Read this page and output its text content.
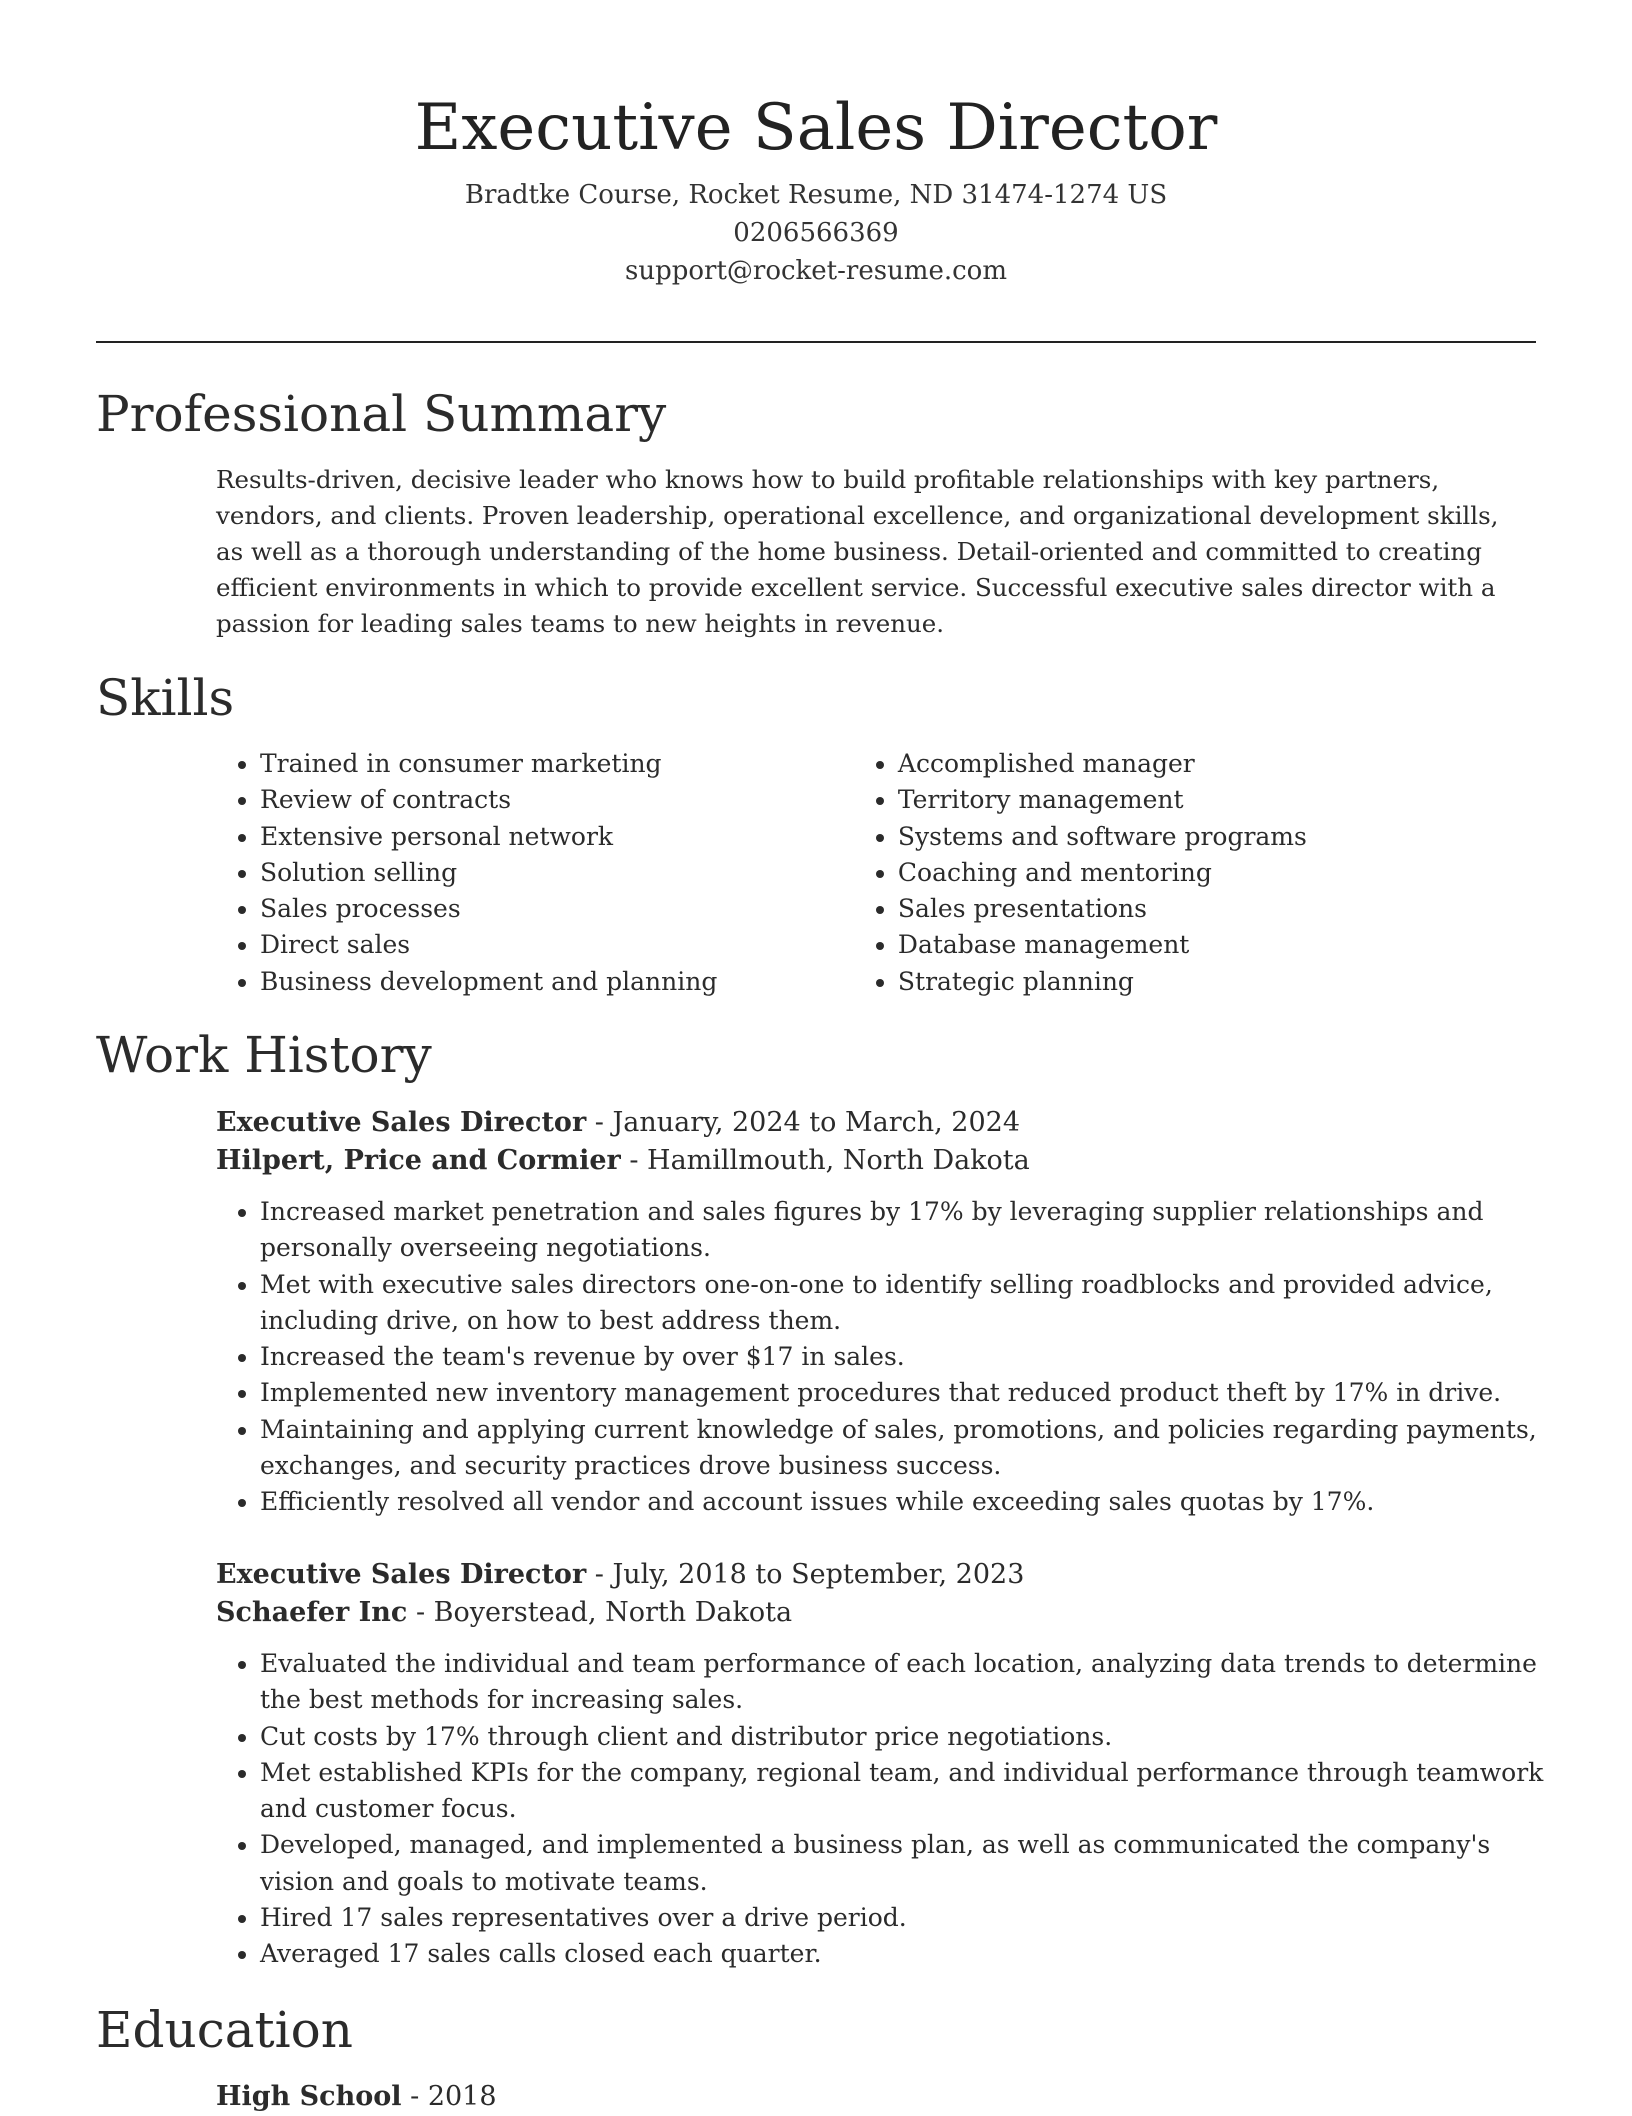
Executive Sales Director
Bradtke Course, Rocket Resume, ND 31474-1274 US
0206566369
support@rocket-resume.com
Professional Summary

Results-driven, decisive leader who knows how to build profitable relationships with key partners, vendors, and clients. Proven leadership, operational excellence, and organizational development skills, as well as a thorough understanding of the home business. Detail-oriented and committed to creating efficient environments in which to provide excellent service. Successful executive sales director with a passion for leading sales teams to new heights in revenue.

Skills
• Trained in consumer marketing
• Review of contracts
• Extensive personal network
• Solution selling
• Sales processes
• Direct sales
• Business development and planning
• Accomplished manager
• Territory management
• Systems and software programs
• Coaching and mentoring
• Sales presentations
• Database management
• Strategic planning
Work History
Executive Sales Director - January, 2024 to March, 2024
Hilpert, Price and Cormier - Hamillmouth, North Dakota
• Increased market penetration and sales figures by 17% by leveraging supplier relationships and personally overseeing negotiations.
• Met with executive sales directors one-on-one to identify selling roadblocks and provided advice, including drive, on how to best address them.
• Increased the team's revenue by over $17 in sales.
• Implemented new inventory management procedures that reduced product theft by 17% in drive.
• Maintaining and applying current knowledge of sales, promotions, and policies regarding payments, exchanges, and security practices drove business success.
• Efficiently resolved all vendor and account issues while exceeding sales quotas by 17%.
Executive Sales Director - July, 2018 to September, 2023
Schaefer Inc - Boyerstead, North Dakota
• Evaluated the individual and team performance of each location, analyzing data trends to determine the best methods for increasing sales.
• Cut costs by 17% through client and distributor price negotiations.
• Met established KPIs for the company, regional team, and individual performance through teamwork and customer focus.
• Developed, managed, and implemented a business plan, as well as communicated the company's vision and goals to motivate teams.
• Hired 17 sales representatives over a drive period.
• Averaged 17 sales calls closed each quarter.
Education
High School - 2018
